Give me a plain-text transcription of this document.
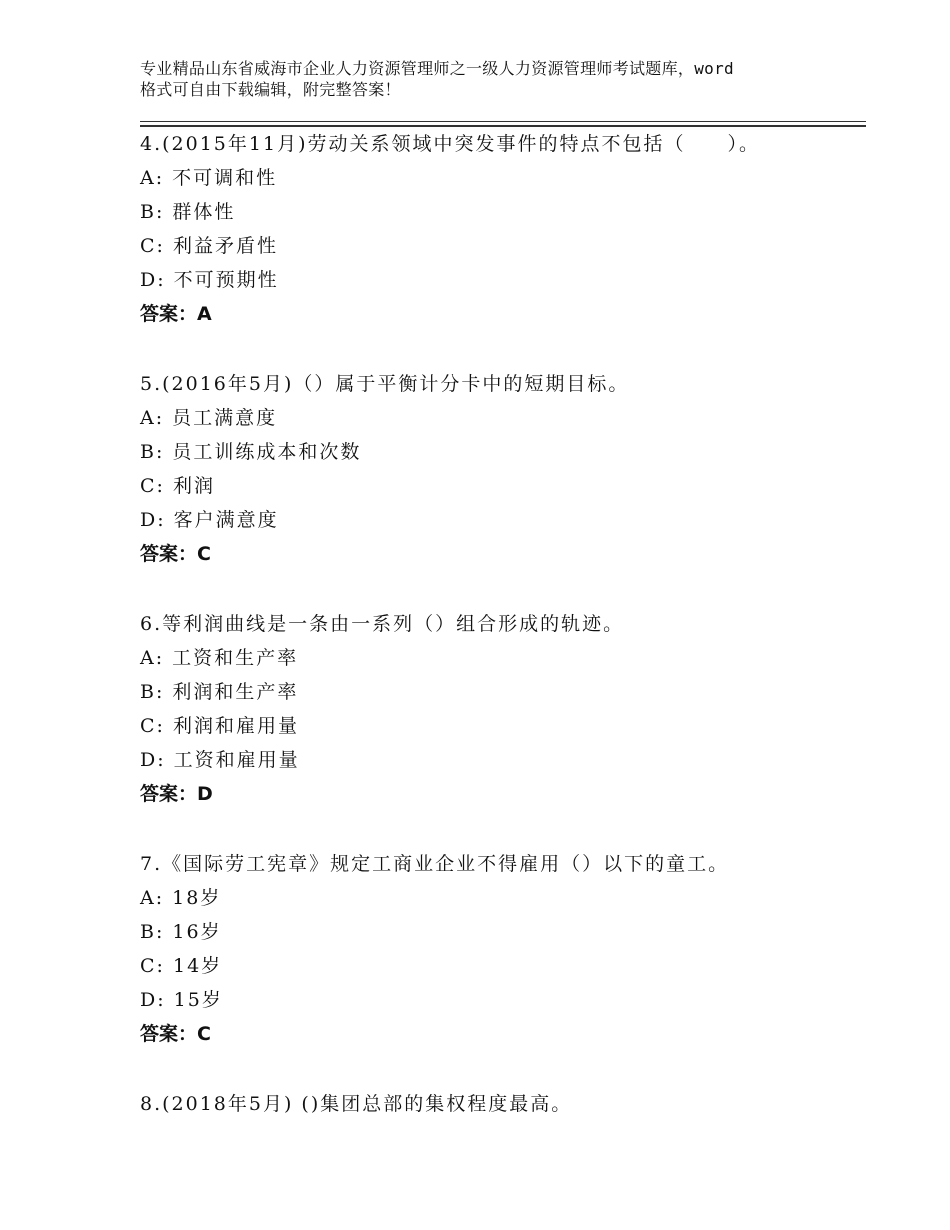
专业精品山东省威海市企业人力资源管理师之一级人力资源管理师考试题库，word
格式可自由下载编辑，附完整答案！
4.(2015年11月)劳动关系领域中突发事件的特点不包括（　　）。
A: 不可调和性
B: 群体性
C: 利益矛盾性
D: 不可预期性
答案：A
5.(2016年5月)（）属于平衡计分卡中的短期目标。
A: 员工满意度
B: 员工训练成本和次数
C: 利润
D: 客户满意度
答案：C
6.等利润曲线是一条由一系列（）组合形成的轨迹。
A: 工资和生产率
B: 利润和生产率
C: 利润和雇用量
D: 工资和雇用量
答案：D
7.《国际劳工宪章》规定工商业企业不得雇用（）以下的童工。
A: 18岁
B: 16岁
C: 14岁
D: 15岁
答案：C
8.(2018年5月) ()集团总部的集权程度最高。
